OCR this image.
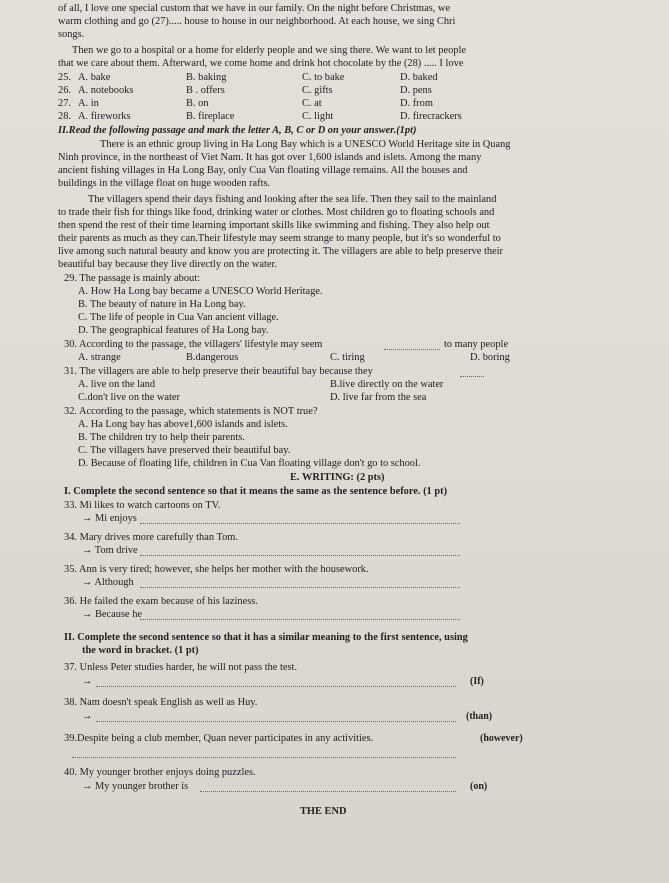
of all, I love one special custom that we have in our family. On the night before Christmas, we
warm clothing and go (27)..... house to house in our neighborhood. At each house, we sing Chri
songs.
Then we go to a hospital or a home for elderly people and we sing there. We want to let people
that we care about them. Afterward, we come home and drink hot chocolate by the (28) ..... I love
25. A. bake	B. baking	C. to bake	D. baked
26. A. notebooks	B . offers	C. gifts	D. pens
27. A. in	B. on	C. at	D. from
28. A. fireworks	B. fireplace	C. light	D. firecrackers
II.Read the following passage and mark the letter A, B, C or D on your answer.(1pt)
There is an ethnic group living in Ha Long Bay which is a UNESCO World Heritage site in Quang
Ninh province, in the northeast of Viet Nam. It has got over 1,600 islands and islets. Among the many
ancient fishing villages in Ha Long Bay, only Cua Van floating village remains. All the houses and
buildings in the village float on huge wooden rafts.
The villagers spend their days fishing and looking after the sea life. Then they sail to the mainland
to trade their fish for things like food, drinking water or clothes. Most children go to floating schools and
then spend the rest of their time learning important skills like swimming and fishing. They also help out
their parents as much as they can.Their lifestyle may seem strange to many people, but it's so wonderful to
live among such natural beauty and know you are protecting it. The villagers are able to help preserve their
beautiful bay because they live directly on the water.
29. The passage is mainly about:
A. How Ha Long bay became a UNESCO World Heritage.
B. The beauty of nature in Ha Long bay.
C. The life of people in Cua Van ancient village.
D. The geographical features of Ha Long bay.
30. According to the passage, the villagers' lifestyle may seem	to many people
A. strange	B.dangerous	C. tiring	D. boring
31. The villagers are able to help preserve their beautiful bay because they
A. live on the land	B.live directly on the water
C.don't live on the water	D. live far from the sea
32. According to the passage, which statements is NOT true?
A. Ha Long bay has above1,600 islands and islets.
B. The children try to help their parents.
C. The villagers have preserved their beautiful bay.
D. Because of floating life, children in Cua Van floating village don't go to school.
E. WRITING: (2 pts)
I. Complete the second sentence so that it means the same as the sentence before. (1 pt)
33. Mi likes to watch cartoons on TV.
→ Mi enjoys
34. Mary drives more carefully than Tom.
→ Tom drive
35. Ann is very tired; however, she helps her mother with the housework.
→ Although
36. He failed the exam because of his laziness.
→ Because he
II. Complete the second sentence so that it has a similar meaning to the first sentence, using
the word in bracket. (1 pt)
37. Unless Peter studies harder, he will not pass the test.
→	(If)
38. Nam doesn't speak English as well as Huy.
→	(than)
39.Despite being a club member, Quan never participates in any activities.	(however)
40. My younger brother enjoys doing puzzles.
→ My younger brother is	(on)
THE END
